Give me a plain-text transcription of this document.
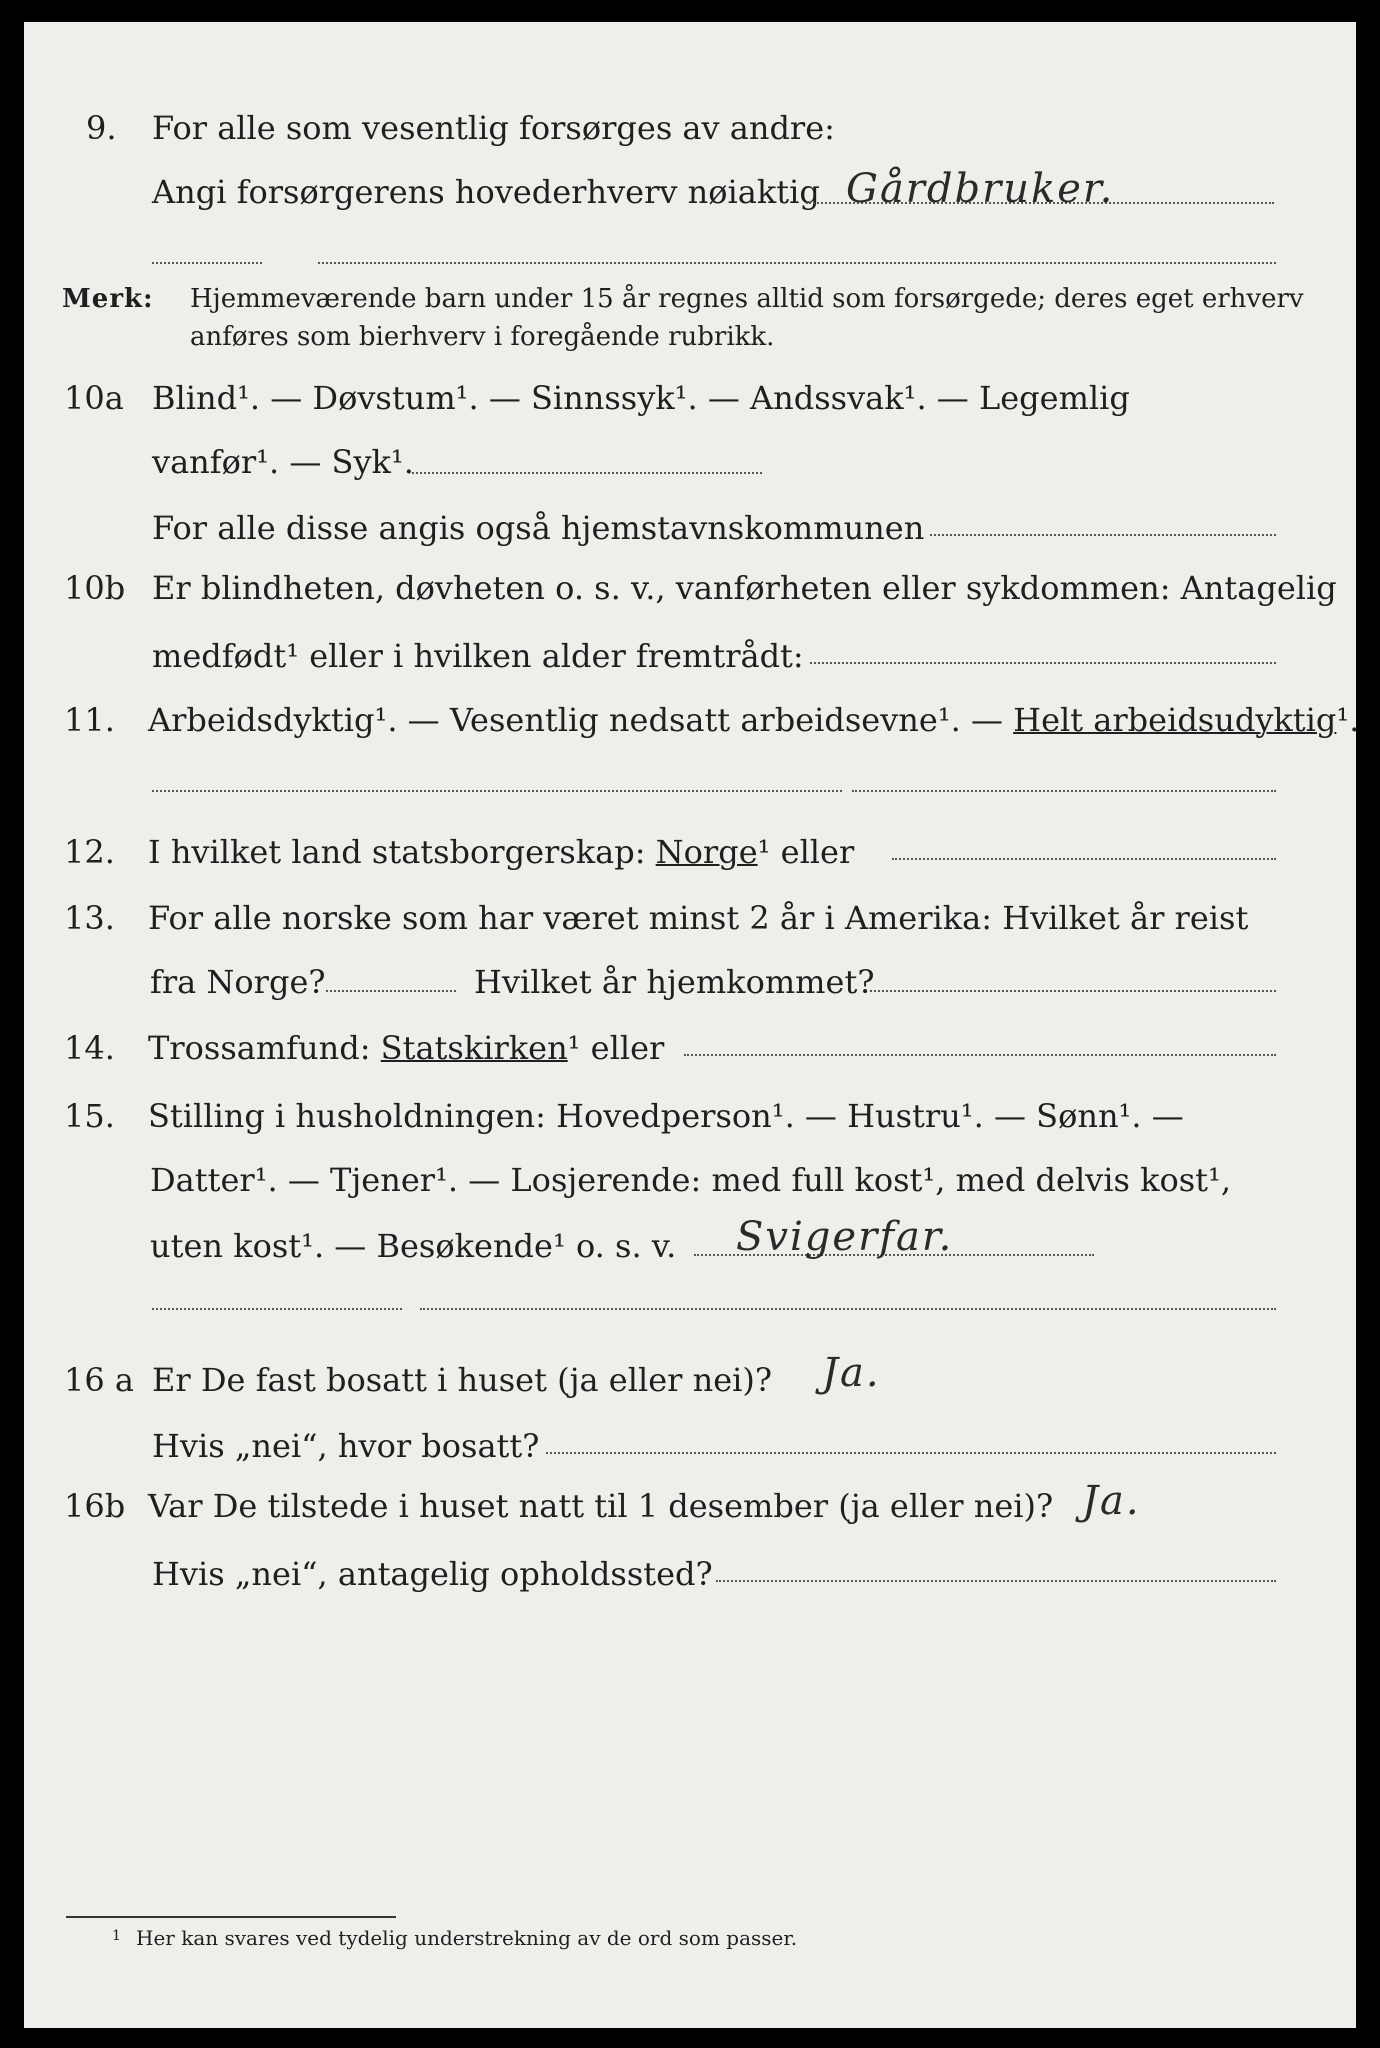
9. For alle som vesentlig forsørges av andre:
Angi forsørgerens hovederhverv nøiaktig Gårdbruker.
Merk: Hjemmeværende barn under 15 år regnes alltid som forsørgede; deres eget erhverv
anføres som bierhverv i foregående rubrikk.
10a Blind¹. — Døvstum¹. — Sinnssyk¹. — Andssvak¹. — Legemlig
vanfør¹. — Syk¹.
For alle disse angis også hjemstavnskommunen
10b Er blindheten, døvheten o. s. v., vanførheten eller sykdommen: Antagelig
medfødt¹ eller i hvilken alder fremtrådt:
11. Arbeidsdyktig¹. — Vesentlig nedsatt arbeidsevne¹. — Helt arbeidsudyktig¹.
12. I hvilket land statsborgerskap: Norge¹ eller
13. For alle norske som har været minst 2 år i Amerika: Hvilket år reist
fra Norge?	Hvilket år hjemkommet?
14. Trossamfund: Statskirken¹ eller
15. Stilling i husholdningen: Hovedperson¹. — Hustru¹. — Sønn¹. —
Datter¹. — Tjener¹. — Losjerende: med full kost¹, med delvis kost¹,
uten kost¹. — Besøkende¹ o. s. v. Svigerfar.
16 a Er De fast bosatt i huset (ja eller nei)? Ja.
Hvis „nei“, hvor bosatt?
16b Var De tilstede i huset natt til 1 desember (ja eller nei)? Ja.
Hvis „nei“, antagelig opholdssted?
1 Her kan svares ved tydelig understrekning av de ord som passer.
